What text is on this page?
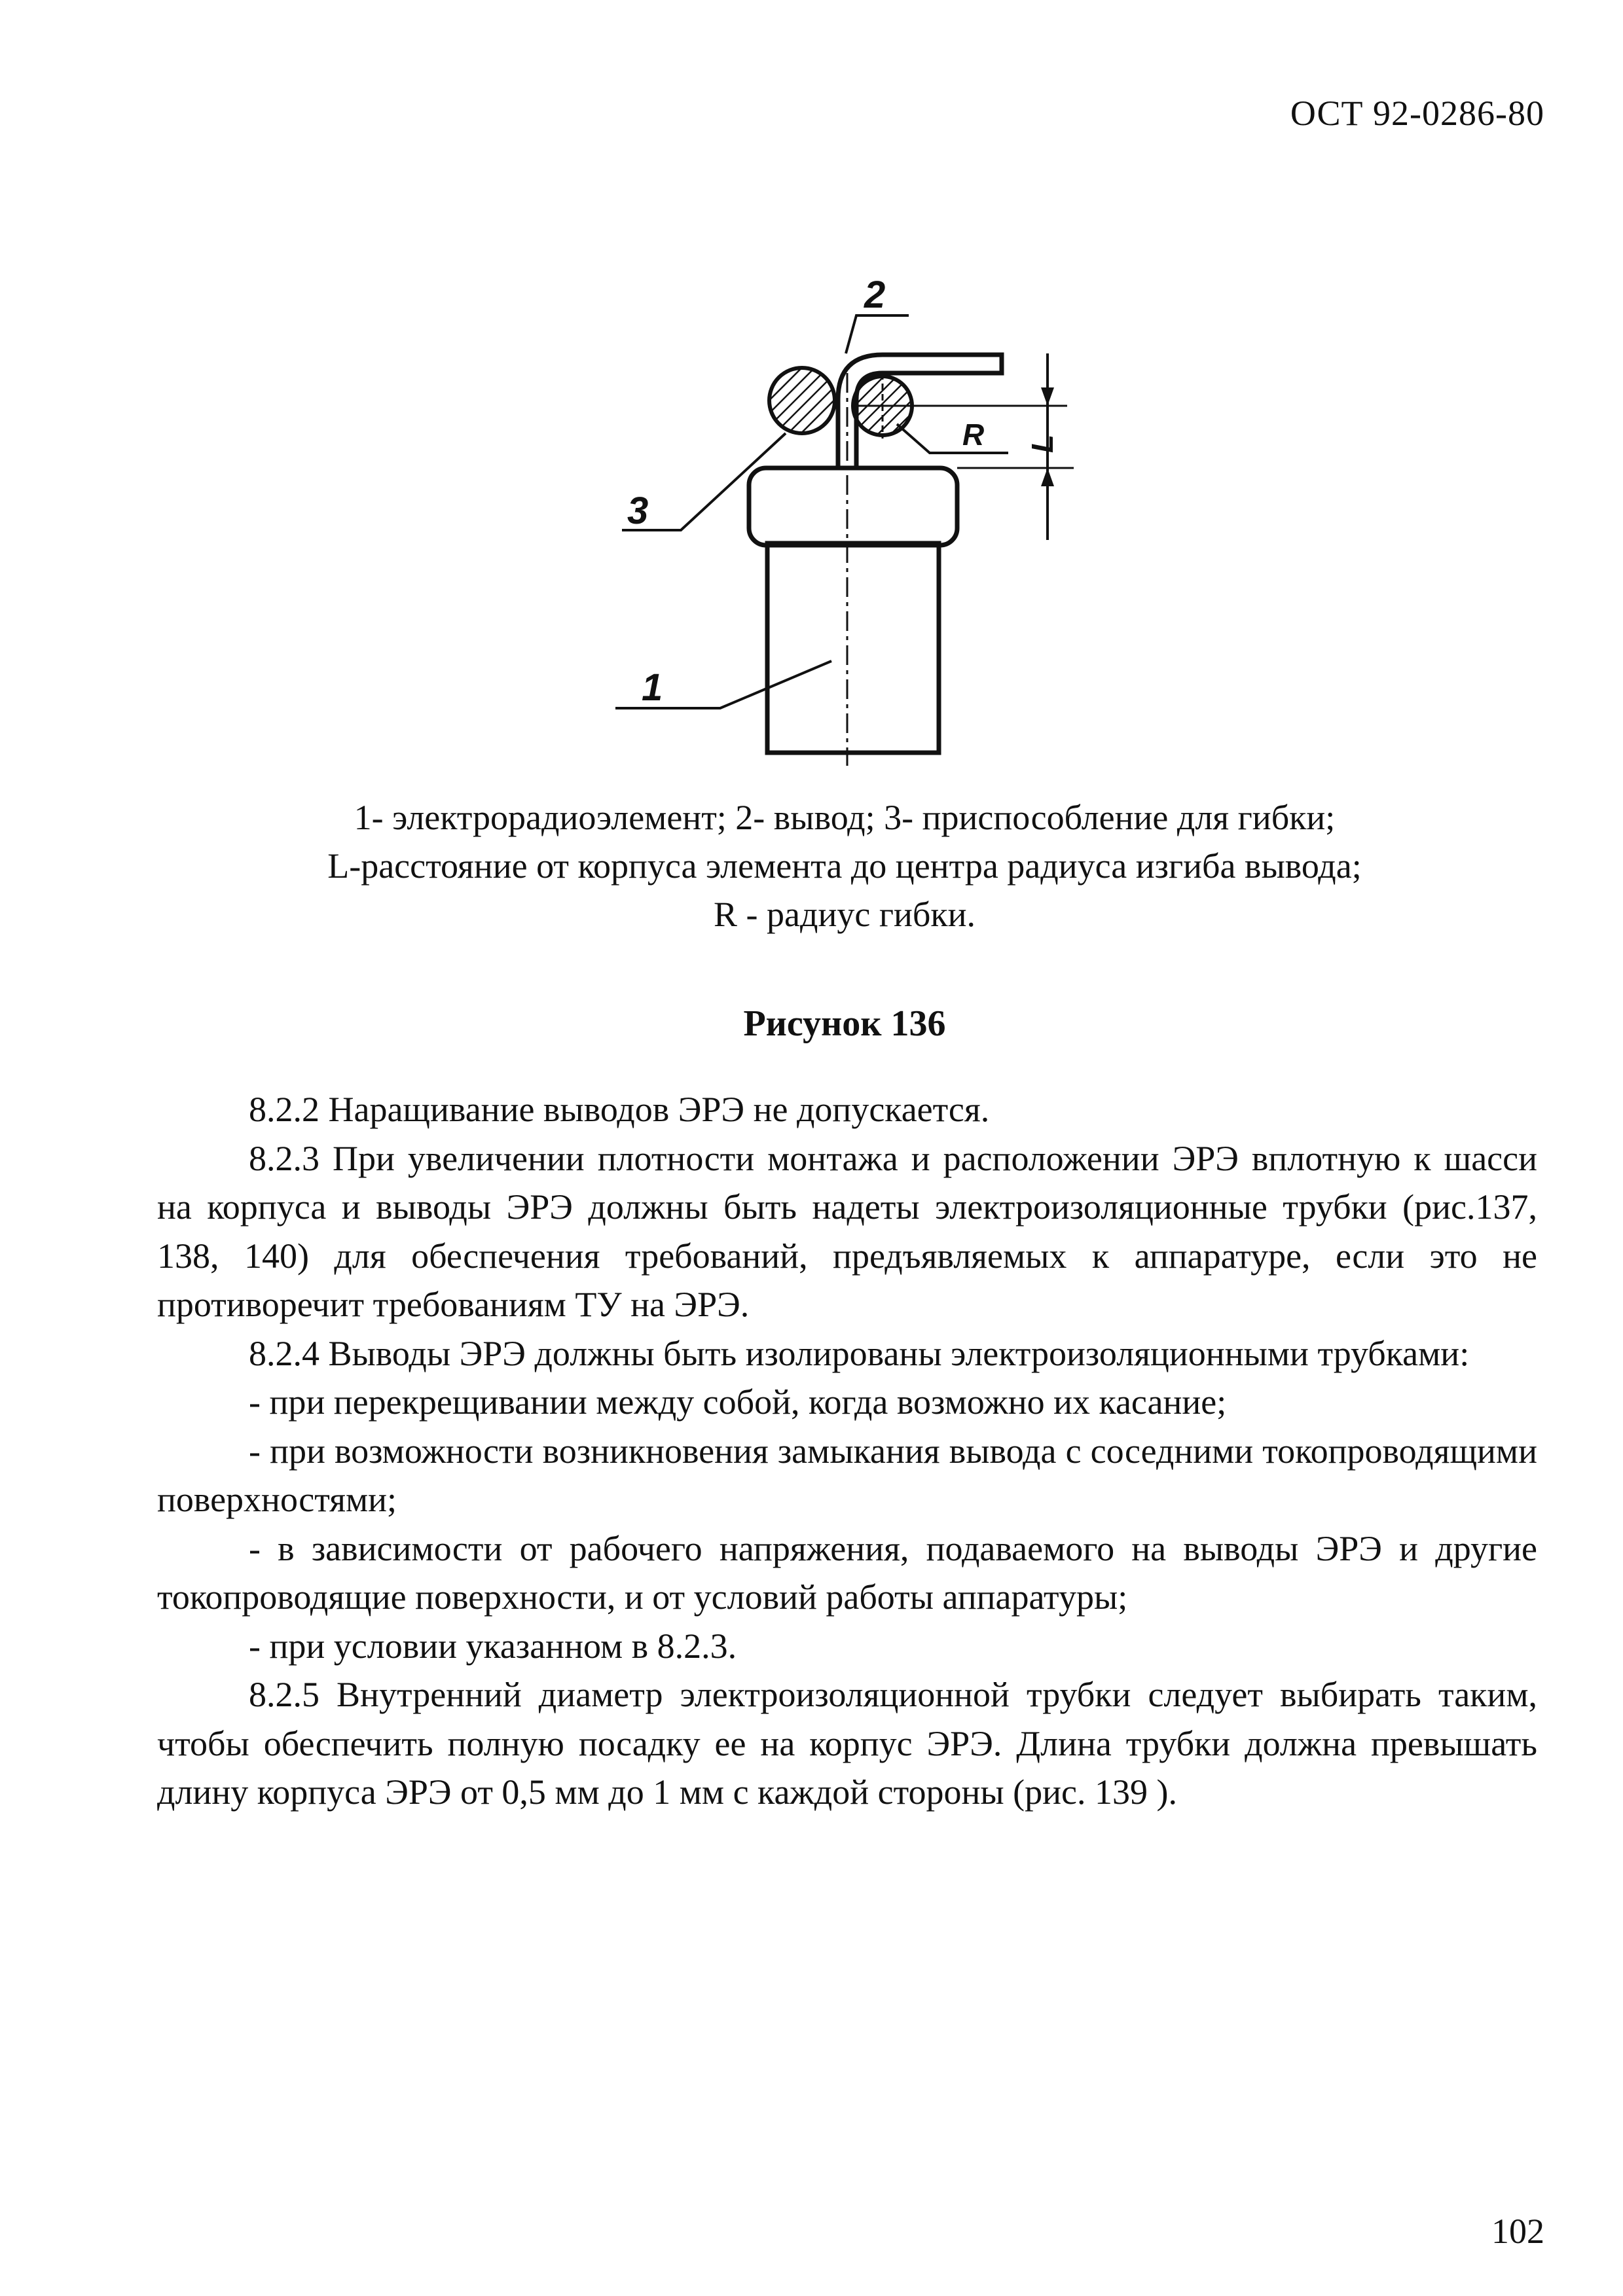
ОСТ 92-0286-80
L
R
2
3
1
1- электрорадиоэлемент; 2- вывод; 3- приспособление для гибки;
L-расстояние от корпуса элемента до центра радиуса изгиба вывода;
R - радиус гибки.
Рисунок 136

8.2.2 Наращивание выводов ЭРЭ не допускается.

8.2.3 При увеличении плотности монтажа и расположении ЭРЭ вплотную к шасси на корпуса и выводы ЭРЭ должны быть надеты электроизоляционные трубки (рис.137, 138, 140) для обеспечения требований, предъявляемых к аппаратуре, если это не противоречит требованиям ТУ на ЭРЭ.

8.2.4 Выводы ЭРЭ должны быть изолированы электроизоляционными трубками:

- при перекрещивании между собой, когда возможно их касание;

- при возможности возникновения замыкания вывода с соседними токопроводящими поверхностями;

- в зависимости от рабочего напряжения, подаваемого на выводы ЭРЭ и другие токопроводящие поверхности, и от условий работы аппаратуры;

- при условии указанном в 8.2.3.

8.2.5 Внутренний диаметр электроизоляционной трубки следует выбирать таким, чтобы обеспечить полную посадку ее на корпус ЭРЭ. Длина трубки должна превышать длину корпуса ЭРЭ от 0,5 мм до 1 мм с каждой стороны (рис. 139 ).

102
